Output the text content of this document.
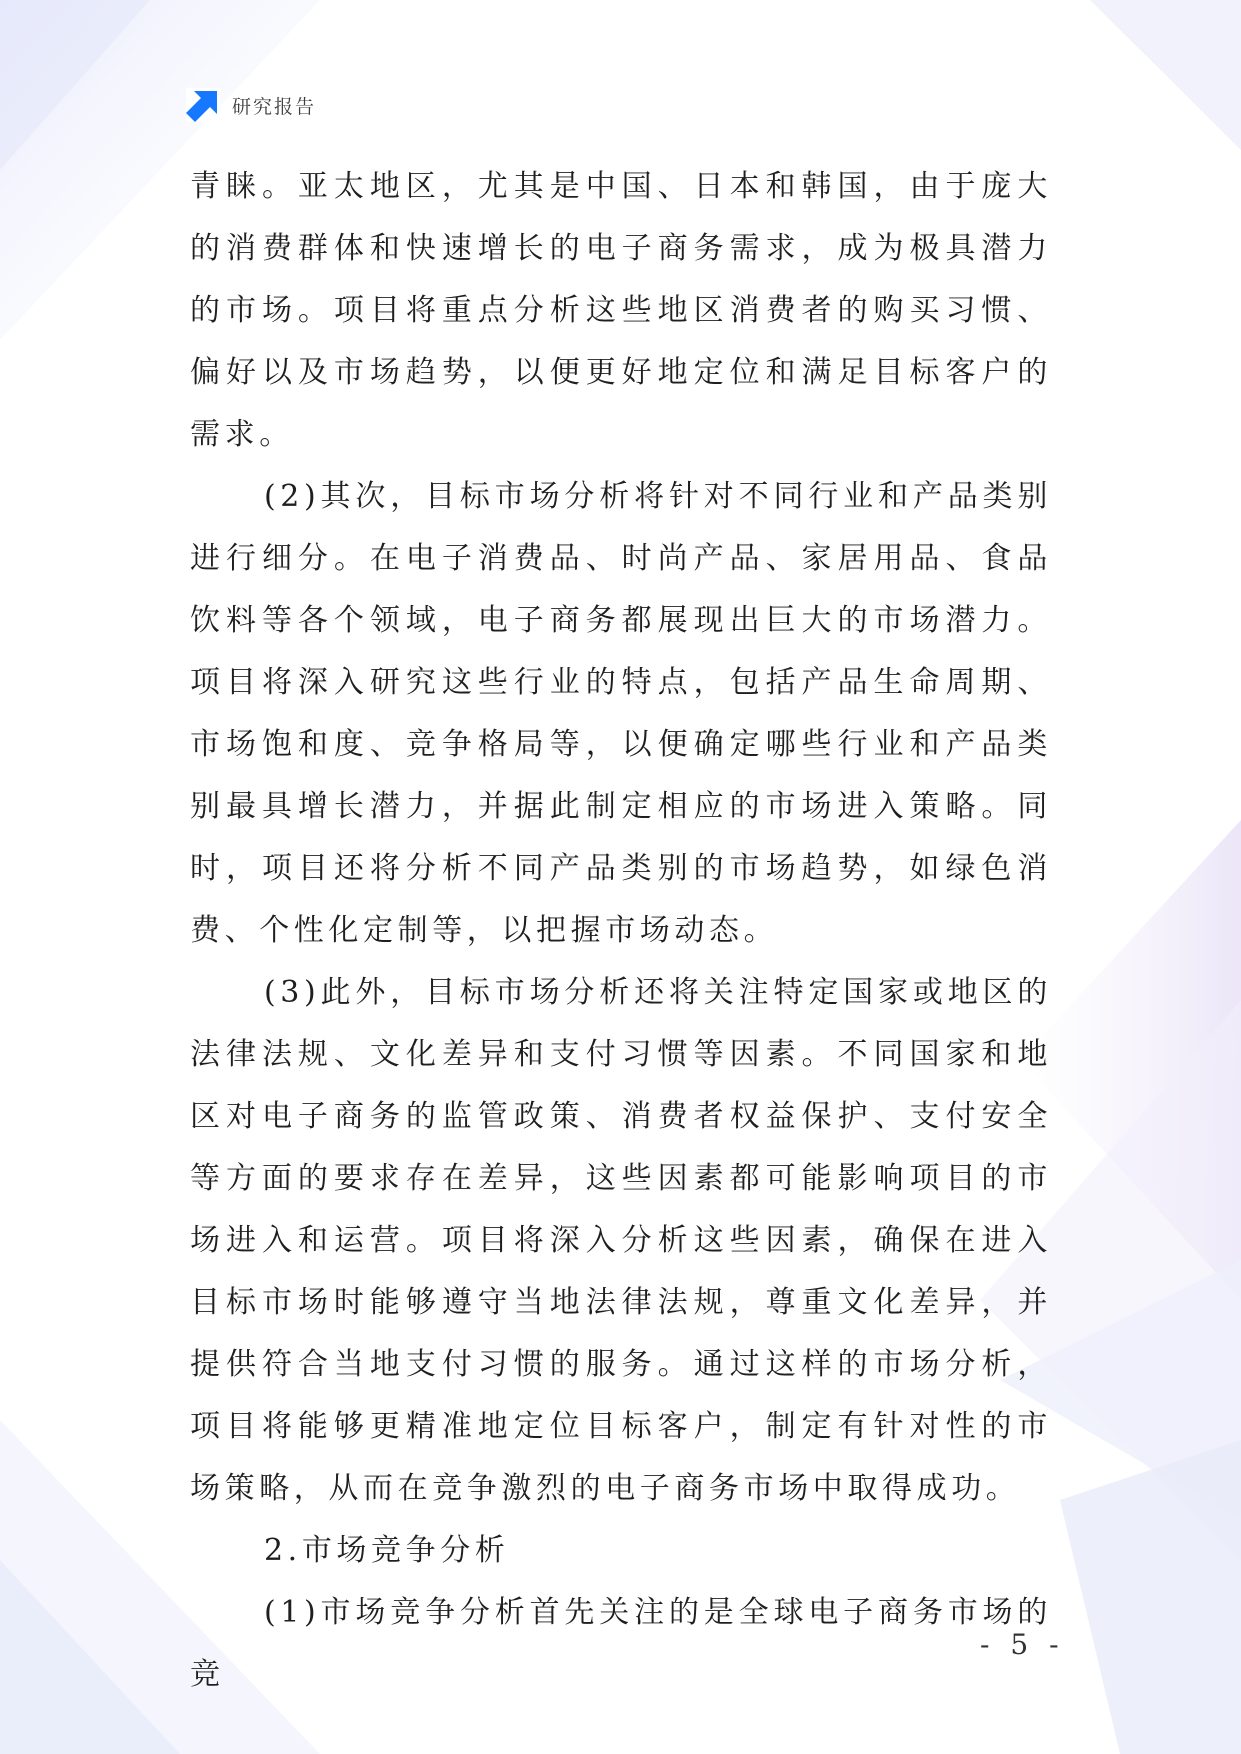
研究报告

青睐。亚太地区，尤其是中国、日本和韩国，由于庞大的消费群体和快速增长的电子商务需求，成为极具潜力的市场。项目将重点分析这些地区消费者的购买习惯、偏好以及市场趋势，以便更好地定位和满足目标客户的需求。

(2)其次，目标市场分析将针对不同行业和产品类别进行细分。在电子消费品、时尚产品、家居用品、食品饮料等各个领域，电子商务都展现出巨大的市场潜力。项目将深入研究这些行业的特点，包括产品生命周期、市场饱和度、竞争格局等，以便确定哪些行业和产品类别最具增长潜力，并据此制定相应的市场进入策略。同时，项目还将分析不同产品类别的市场趋势，如绿色消费、个性化定制等，以把握市场动态。

(3)此外，目标市场分析还将关注特定国家或地区的法律法规、文化差异和支付习惯等因素。不同国家和地区对电子商务的监管政策、消费者权益保护、支付安全等方面的要求存在差异，这些因素都可能影响项目的市场进入和运营。项目将深入分析这些因素，确保在进入目标市场时能够遵守当地法律法规，尊重文化差异，并提供符合当地支付习惯的服务。通过这样的市场分析，项目将能够更精准地定位目标客户，制定有针对性的市场策略，从而在竞争激烈的电子商务市场中取得成功。

2.市场竞争分析

(1)市场竞争分析首先关注的是全球电子商务市场的竞

- 5 -
